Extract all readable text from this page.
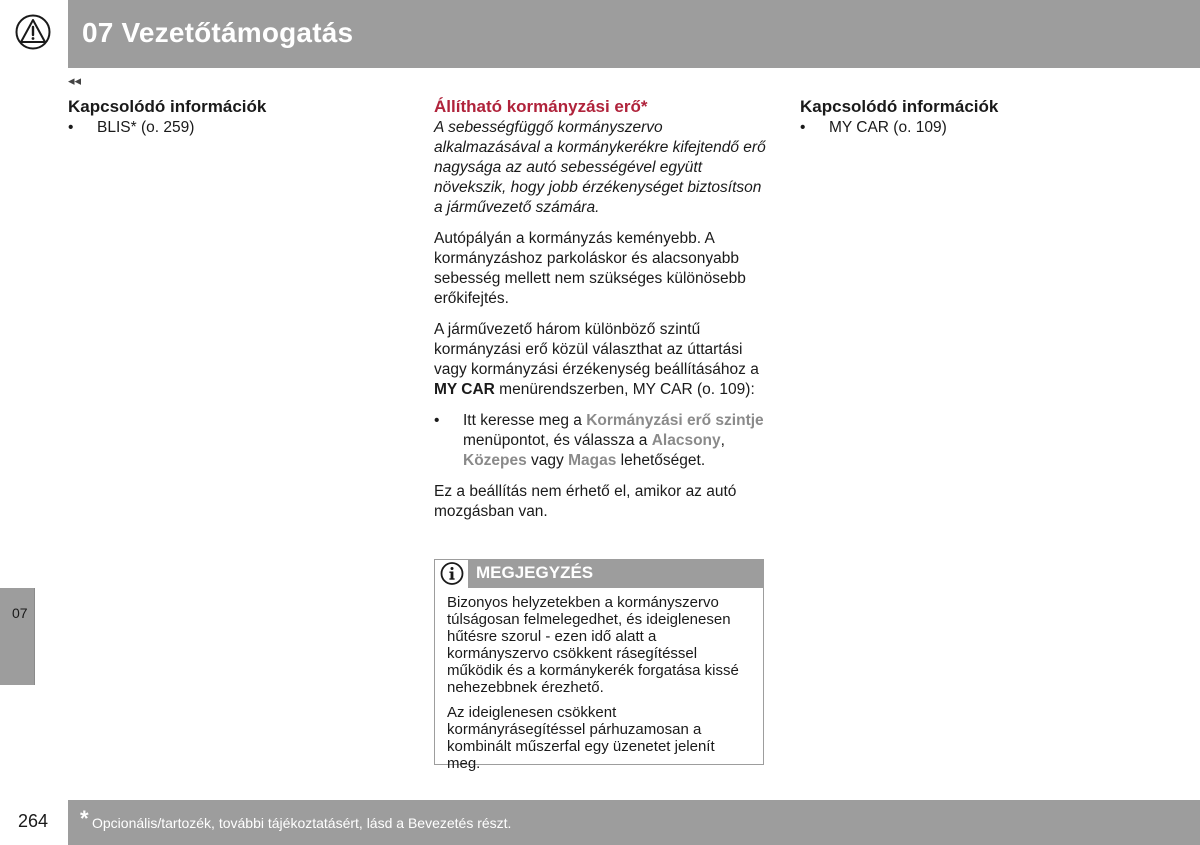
07 Vezetőtámogatás
07
◂◂
Kapcsolódó információk
• BLIS* (o. 259)
Állítható kormányzási erő*

A sebességfüggő kormányszervo alkalmazásával a kormánykerékre kifejtendő erő nagysága az autó sebességével együtt növekszik, hogy jobb érzékenységet biztosítson a járművezető számára.

Autópályán a kormányzás keményebb. A kormányzáshoz parkoláskor és alacsonyabb sebesség mellett nem szükséges különösebb erőkifejtés.

A járművezető három különböző szintű kormányzási erő közül választhat az úttartási vagy kormányzási érzékenység beállításához a MY CAR menürendszerben, MY CAR (o. 109):

• Itt keresse meg a Kormányzási erő szintje menüpontot, és válassza a Alacsony, Közepes vagy Magas lehetőséget.

Ez a beállítás nem érhető el, amikor az autó mozgásban van.

MEGJEGYZÉS

Bizonyos helyzetekben a kormányszervo túlságosan felmelegedhet, és ideiglenesen hűtésre szorul - ezen idő alatt a kormányszervo csökkent rásegítéssel működik és a kormánykerék forgatása kissé nehezebbnek érezhető.

Az ideiglenesen csökkent kormányrásegítéssel párhuzamosan a kombinált műszerfal egy üzenetet jelenít meg.

Kapcsolódó információk
• MY CAR (o. 109)
264 * Opcionális/tartozék, további tájékoztatásért, lásd a Bevezetés részt.
